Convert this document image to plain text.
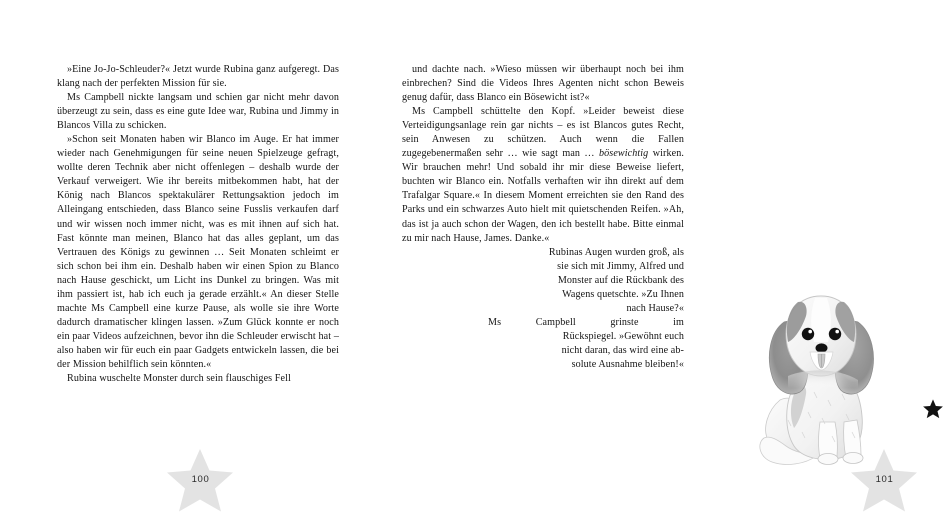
»Eine Jo-Jo-Schleuder?« Jetzt wurde Rubina ganz aufgeregt. Das klang nach der perfekten Mission für sie.

Ms Campbell nickte langsam und schien gar nicht mehr davon überzeugt zu sein, dass es eine gute Idee war, Rubina und Jimmy in Blancos Villa zu schicken.

»Schon seit Monaten haben wir Blanco im Auge. Er hat immer wieder nach Genehmigungen für seine neuen Spielzeuge gefragt, wollte deren Technik aber nicht offenlegen – deshalb wurde der Verkauf verweigert. Wie ihr bereits mitbekommen habt, hat der König nach Blancos spektakulärer Rettungsaktion jedoch im Alleingang entschieden, dass Blanco seine Fusslis verkaufen darf und wir wissen noch immer nicht, was es mit ihnen auf sich hat. Fast könnte man meinen, Blanco hat das alles geplant, um das Vertrauen des Königs zu gewinnen … Seit Monaten schleimt er sich schon bei ihm ein. Deshalb haben wir einen Spion zu Blanco nach Hause geschickt, um Licht ins Dunkel zu bringen. Was mit ihm passiert ist, hab ich euch ja gerade erzählt.« An dieser Stelle machte Ms Campbell eine kurze Pause, als wolle sie ihre Worte dadurch dramatischer klingen lassen. »Zum Glück konnte er noch ein paar Videos aufzeichnen, bevor ihn die Schleuder erwischt hat – also haben wir für euch ein paar Gadgets entwickeln lassen, die bei der Mission behilflich sein könnten.«

Rubina wuschelte Monster durch sein flauschiges Fell

100

und dachte nach. »Wieso müssen wir überhaupt noch bei ihm einbrechen? Sind die Videos Ihres Agenten nicht schon Beweis genug dafür, dass Blanco ein Bösewicht ist?«

Ms Campbell schüttelte den Kopf. »Leider beweist diese Verteidigungsanlage rein gar nichts – es ist Blancos gutes Recht, sein Anwesen zu schützen. Auch wenn die Fallen zugegebenermaßen sehr … wie sagt man … bösewichtig wirken. Wir brauchen mehr! Und sobald ihr mir diese Beweise liefert, buchten wir Blanco ein. Notfalls verhaften wir ihn direkt auf dem Trafalgar Square.« In diesem Moment erreichten sie den Rand des Parks und ein schwarzes Auto hielt mit quietschenden Reifen. »Ah, das ist ja auch schon der Wagen, den ich bestellt habe. Bitte einmal zu mir nach Hause, James. Danke.«

Rubinas Augen wurden groß, als
sie sich mit Jimmy, Alfred und
Monster auf die Rückbank des
Wagens quetschte. »Zu Ihnen
nach Hause?«
Ms	Campbell	grinste	im
Rückspiegel. »Gewöhnt euch
nicht daran, das wird eine ab-
solute Ausnahme bleiben!«
101
